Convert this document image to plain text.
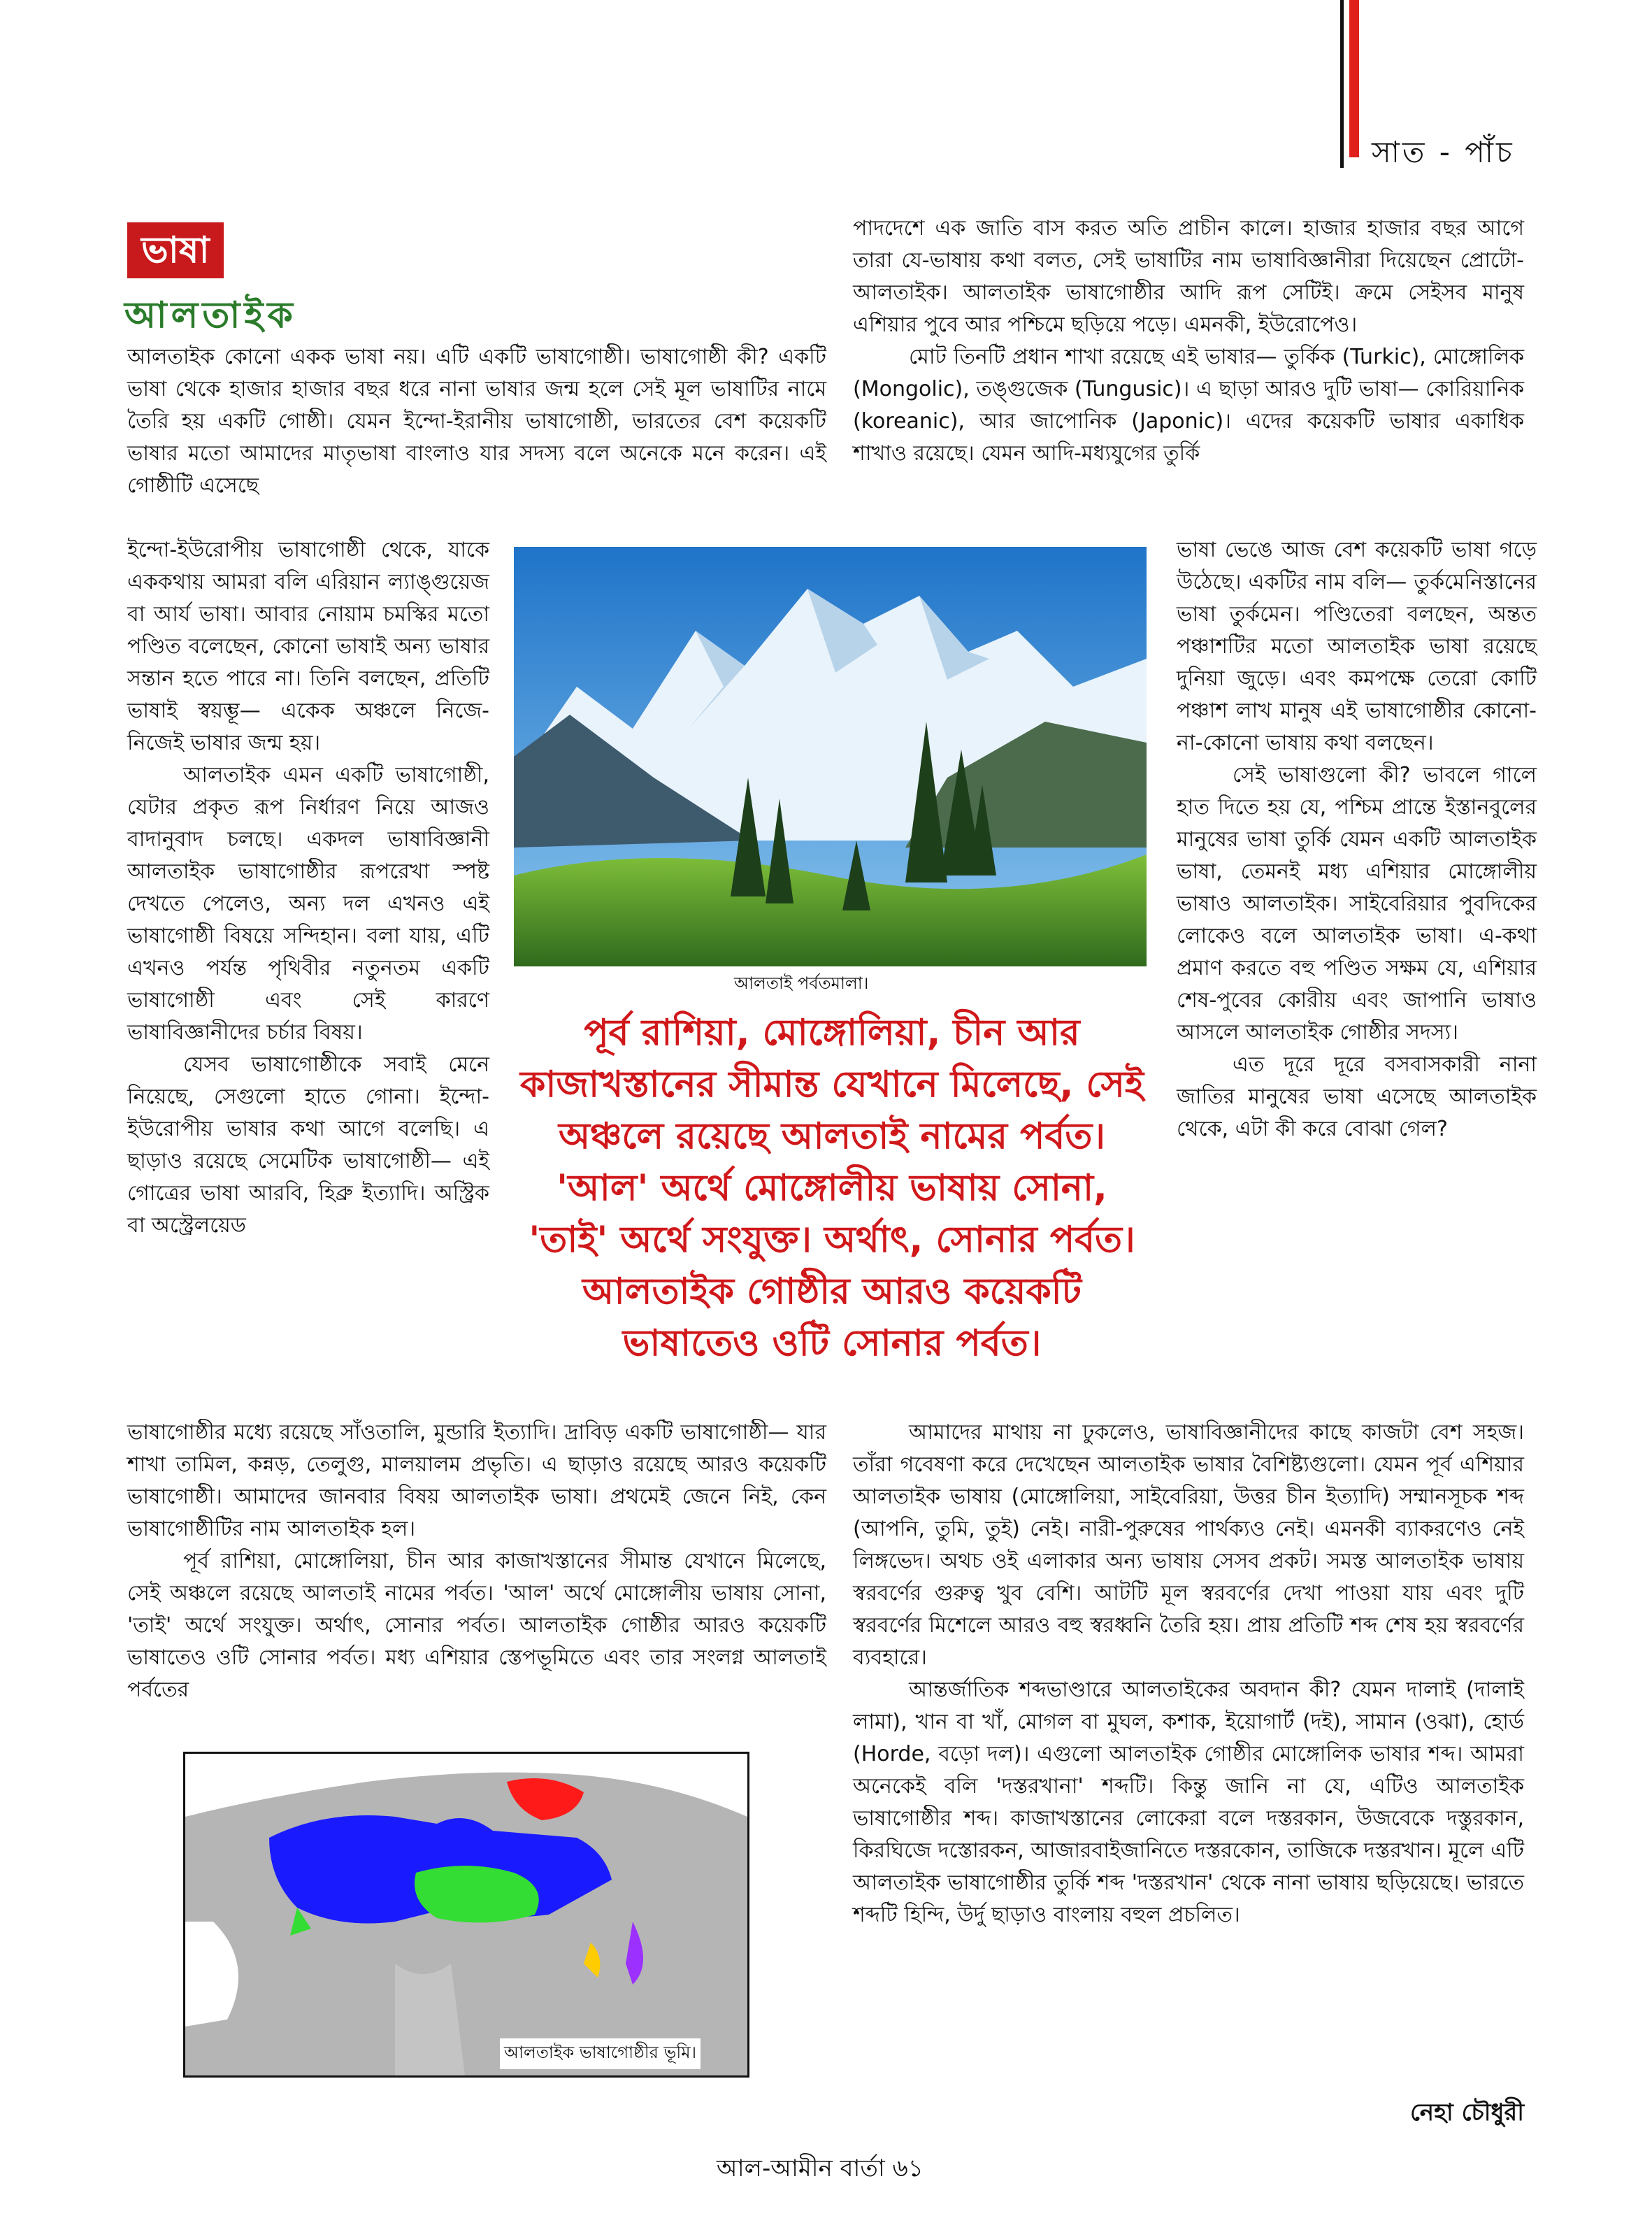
সাত - পাঁচ
ভাষা
আলতাইক

আলতাইক কোনো একক ভাষা নয়। এটি একটি ভাষাগোষ্ঠী। ভাষাগোষ্ঠী কী? একটি ভাষা থেকে হাজার হাজার বছর ধরে নানা ভাষার জন্ম হলে সেই মূল ভাষাটির নামে তৈরি হয় একটি গোষ্ঠী। যেমন ইন্দো-ইরানীয় ভাষাগোষ্ঠী, ভারতের বেশ কয়েকটি ভাষার মতো আমাদের মাতৃভাষা বাংলাও যার সদস্য বলে অনেকে মনে করেন। এই গোষ্ঠীটি এসেছে

ইন্দো-ইউরোপীয় ভাষাগোষ্ঠী থেকে, যাকে এককথায় আমরা বলি এরিয়ান ল্যাঙ্গুয়েজ বা আর্য ভাষা। আবার নোয়াম চমস্কির মতো পণ্ডিত বলেছেন, কোনো ভাষাই অন্য ভাষার সন্তান হতে পারে না। তিনি বলছেন, প্রতিটি ভাষাই স্বয়ম্ভূ— একেক অঞ্চলে নিজে-নিজেই ভাষার জন্ম হয়।

আলতাইক এমন একটি ভাষাগোষ্ঠী, যেটার প্রকৃত রূপ নির্ধারণ নিয়ে আজও বাদানুবাদ চলছে। একদল ভাষাবিজ্ঞানী আলতাইক ভাষাগোষ্ঠীর রূপরেখা স্পষ্ট দেখতে পেলেও, অন্য দল এখনও এই ভাষাগোষ্ঠী বিষয়ে সন্দিহান। বলা যায়, এটি এখনও পর্যন্ত পৃথিবীর নতুনতম একটি ভাষাগোষ্ঠী এবং সেই কারণে ভাষাবিজ্ঞানীদের চর্চার বিষয়।

যেসব ভাষাগোষ্ঠীকে সবাই মেনে নিয়েছে, সেগুলো হাতে গোনা। ইন্দো-ইউরোপীয় ভাষার কথা আগে বলেছি। এ ছাড়াও রয়েছে সেমেটিক ভাষাগোষ্ঠী— এই গোত্রের ভাষা আরবি, হিব্রু ইত্যাদি। অস্ট্রিক বা অস্ট্রেলয়েড

ভাষাগোষ্ঠীর মধ্যে রয়েছে সাঁওতালি, মুন্ডারি ইত্যাদি। দ্রাবিড় একটি ভাষাগোষ্ঠী— যার শাখা তামিল, কন্নড়, তেলুগু, মালয়ালম প্রভৃতি। এ ছাড়াও রয়েছে আরও কয়েকটি ভাষাগোষ্ঠী। আমাদের জানবার বিষয় আলতাইক ভাষা। প্রথমেই জেনে নিই, কেন ভাষাগোষ্ঠীটির নাম আলতাইক হল।

পূর্ব রাশিয়া, মোঙ্গোলিয়া, চীন আর কাজাখস্তানের সীমান্ত যেখানে মিলেছে, সেই অঞ্চলে রয়েছে আলতাই নামের পর্বত। 'আল' অর্থে মোঙ্গোলীয় ভাষায় সোনা, 'তাই' অর্থে সংযুক্ত। অর্থাৎ, সোনার পর্বত। আলতাইক গোষ্ঠীর আরও কয়েকটি ভাষাতেও ওটি সোনার পর্বত। মধ্য এশিয়ার স্তেপভূমিতে এবং তার সংলগ্ন আলতাই পর্বতের

পাদদেশে এক জাতি বাস করত অতি প্রাচীন কালে। হাজার হাজার বছর আগে তারা যে-ভাষায় কথা বলত, সেই ভাষাটির নাম ভাষাবিজ্ঞানীরা দিয়েছেন প্রোটো-আলতাইক। আলতাইক ভাষাগোষ্ঠীর আদি রূপ সেটিই। ক্রমে সেইসব মানুষ এশিয়ার পুবে আর পশ্চিমে ছড়িয়ে পড়ে। এমনকী, ইউরোপেও।

মোট তিনটি প্রধান শাখা রয়েছে এই ভাষার— তুর্কিক (Turkic), মোঙ্গোলিক (Mongolic), তঙ্গুজেক (Tungusic)। এ ছাড়া আরও দুটি ভাষা— কোরিয়ানিক (koreanic), আর জাপোনিক (Japonic)। এদের কয়েকটি ভাষার একাধিক শাখাও রয়েছে। যেমন আদি-মধ্যযুগের তুর্কি

ভাষা ভেঙে আজ বেশ কয়েকটি ভাষা গড়ে উঠেছে। একটির নাম বলি— তুর্কমেনিস্তানের ভাষা তুর্কমেন। পণ্ডিতেরা বলছেন, অন্তত পঞ্চাশটির মতো আলতাইক ভাষা রয়েছে দুনিয়া জুড়ে। এবং কমপক্ষে তেরো কোটি পঞ্চাশ লাখ মানুষ এই ভাষাগোষ্ঠীর কোনো-না-কোনো ভাষায় কথা বলছেন।

সেই ভাষাগুলো কী? ভাবলে গালে হাত দিতে হয় যে, পশ্চিম প্রান্তে ইস্তানবুলের মানুষের ভাষা তুর্কি যেমন একটি আলতাইক ভাষা, তেমনই মধ্য এশিয়ার মোঙ্গোলীয় ভাষাও আলতাইক। সাইবেরিয়ার পুবদিকের লোকেও বলে আলতাইক ভাষা। এ-কথা প্রমাণ করতে বহু পণ্ডিত সক্ষম যে, এশিয়ার শেষ-পুবের কোরীয় এবং জাপানি ভাষাও আসলে আলতাইক গোষ্ঠীর সদস্য।

এত দূরে দূরে বসবাসকারী নানা জাতির মানুষের ভাষা এসেছে আলতাইক থেকে, এটা কী করে বোঝা গেল?

আমাদের মাথায় না ঢুকলেও, ভাষাবিজ্ঞানীদের কাছে কাজটা বেশ সহজ। তাঁরা গবেষণা করে দেখেছেন আলতাইক ভাষার বৈশিষ্ট্যগুলো। যেমন পূর্ব এশিয়ার আলতাইক ভাষায় (মোঙ্গোলিয়া, সাইবেরিয়া, উত্তর চীন ইত্যাদি) সম্মানসূচক শব্দ (আপনি, তুমি, তুই) নেই। নারী-পুরুষের পার্থক্যও নেই। এমনকী ব্যাকরণেও নেই লিঙ্গভেদ। অথচ ওই এলাকার অন্য ভাষায় সেসব প্রকট। সমস্ত আলতাইক ভাষায় স্বরবর্ণের গুরুত্ব খুব বেশি। আটটি মূল স্বরবর্ণের দেখা পাওয়া যায় এবং দুটি স্বরবর্ণের মিশেলে আরও বহু স্বরধ্বনি তৈরি হয়। প্রায় প্রতিটি শব্দ শেষ হয় স্বরবর্ণের ব্যবহারে।

আন্তর্জাতিক শব্দভাণ্ডারে আলতাইকের অবদান কী? যেমন দালাই (দালাই লামা), খান বা খাঁ, মোগল বা মুঘল, কশাক, ইয়োগার্ট (দই), সামান (ওঝা), হোর্ড (Horde, বড়ো দল)। এগুলো আলতাইক গোষ্ঠীর মোঙ্গোলিক ভাষার শব্দ। আমরা অনেকেই বলি 'দস্তরখানা' শব্দটি। কিন্তু জানি না যে, এটিও আলতাইক ভাষাগোষ্ঠীর শব্দ। কাজাখস্তানের লোকেরা বলে দস্তরকান, উজবেকে দস্তুরকান, কিরঘিজে দস্তোরকন, আজারবাইজানিতে দস্তরকোন, তাজিকে দস্তরখান। মূলে এটি আলতাইক ভাষাগোষ্ঠীর তুর্কি শব্দ 'দস্তরখান' থেকে নানা ভাষায় ছড়িয়েছে। ভারতে শব্দটি হিন্দি, উর্দু ছাড়াও বাংলায় বহুল প্রচলিত।

আলতাই পর্বতমালা।
পূর্ব রাশিয়া, মোঙ্গোলিয়া, চীন আর কাজাখস্তানের সীমান্ত যেখানে মিলেছে, সেই অঞ্চলে রয়েছে আলতাই নামের পর্বত। 'আল' অর্থে মোঙ্গোলীয় ভাষায় সোনা, 'তাই' অর্থে সংযুক্ত। অর্থাৎ, সোনার পর্বত। আলতাইক গোষ্ঠীর আরও কয়েকটি ভাষাতেও ওটি সোনার পর্বত।
আলতাইক ভাষাগোষ্ঠীর ভূমি।
নেহা চৌধুরী
আল-আমীন বার্তা ৬১
